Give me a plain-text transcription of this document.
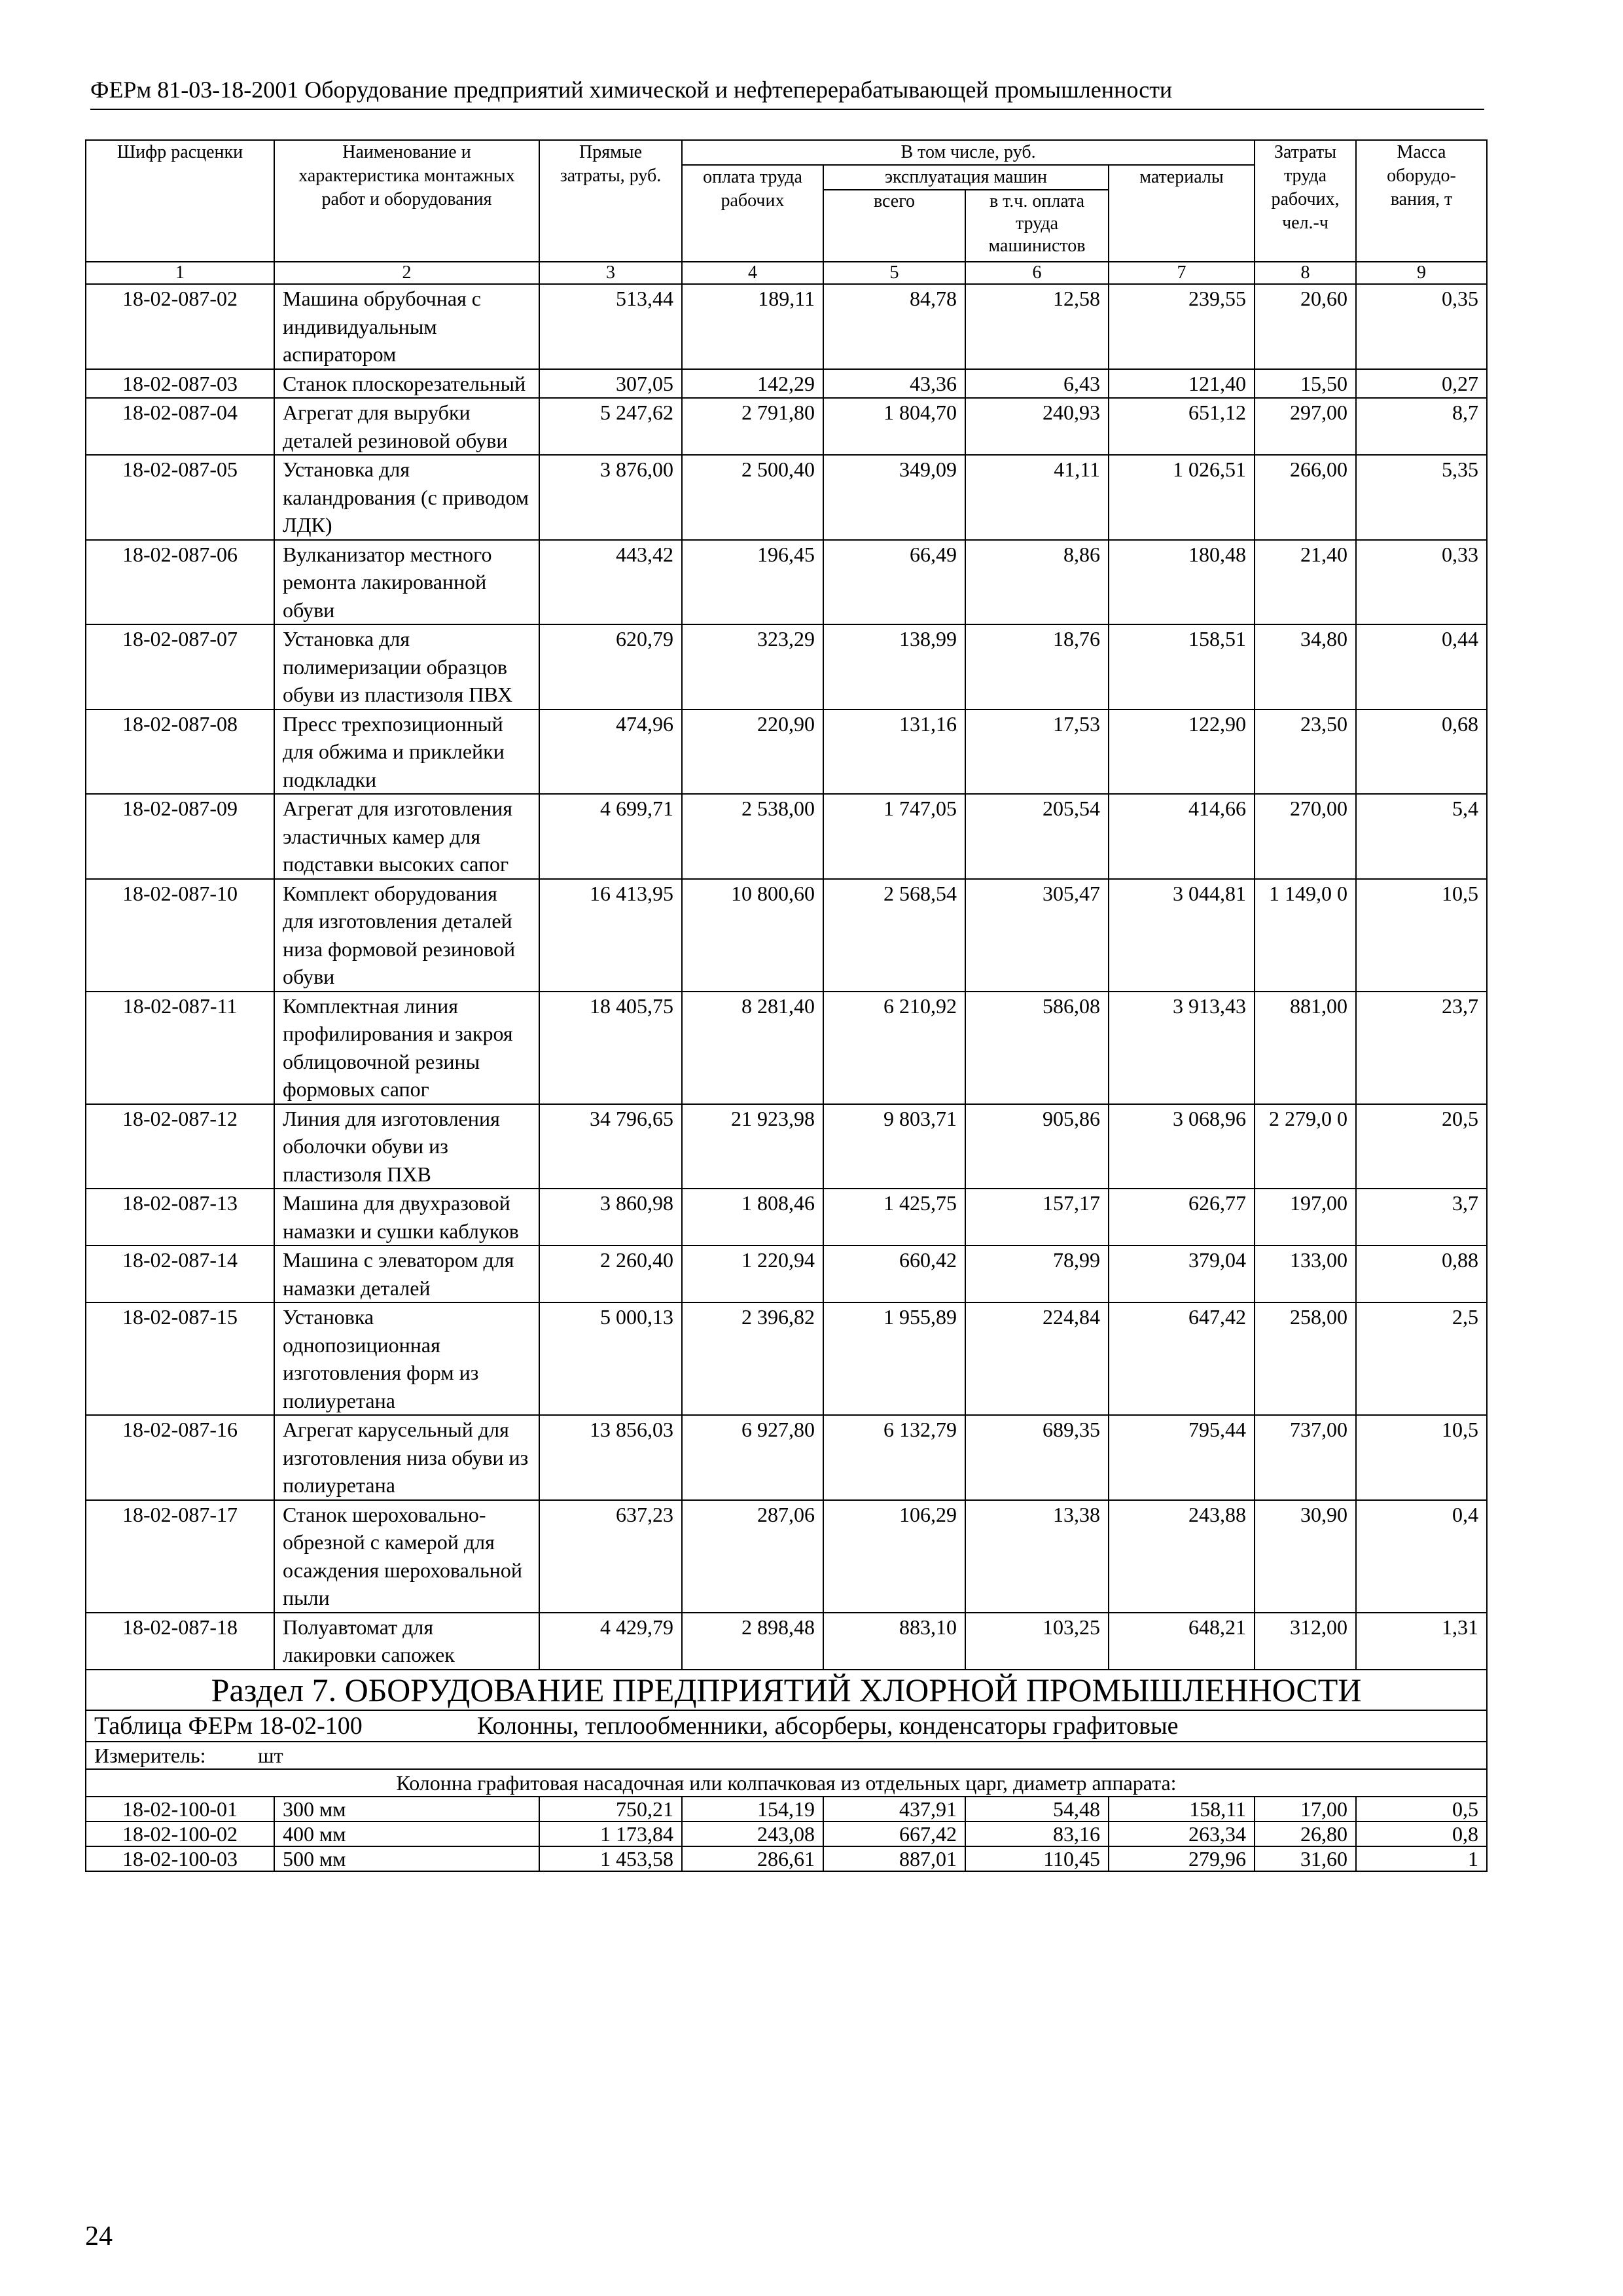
ФЕРм 81-03-18-2001 Оборудование предприятий химической и нефтеперерабатывающей промышленности
Шифр расценки	Наименование и характеристика монтажных работ и оборудования	Прямые затраты, руб.	В том числе, руб.				Затраты труда рабочих, чел.-ч	Масса оборудо-вания, т
			оплата труда рабочих	эксплуатация машин		материалы		
				всего	в т.ч. оплата труда машинистов			
1	2	3	4	5	6	7	8	9
18-02-087-02	Машина обрубочная с индивидуальным аспиратором	513,44	189,11	84,78	12,58	239,55	20,60	0,35
18-02-087-03	Станок плоскорезательный	307,05	142,29	43,36	6,43	121,40	15,50	0,27
18-02-087-04	Агрегат для вырубки деталей резиновой обуви	5 247,62	2 791,80	1 804,70	240,93	651,12	297,00	8,7
18-02-087-05	Установка для каландрования (с приводом ЛДК)	3 876,00	2 500,40	349,09	41,11	1 026,51	266,00	5,35
18-02-087-06	Вулканизатор местного ремонта лакированной обуви	443,42	196,45	66,49	8,86	180,48	21,40	0,33
18-02-087-07	Установка для полимеризации образцов обуви из пластизоля ПВХ	620,79	323,29	138,99	18,76	158,51	34,80	0,44
18-02-087-08	Пресс трехпозиционный для обжима и приклейки подкладки	474,96	220,90	131,16	17,53	122,90	23,50	0,68
18-02-087-09	Агрегат для изготовления эластичных камер для подставки высоких сапог	4 699,71	2 538,00	1 747,05	205,54	414,66	270,00	5,4
18-02-087-10	Комплект оборудования для изготовления деталей низа формовой резиновой обуви	16 413,95	10 800,60	2 568,54	305,47	3 044,81	1 149,0 0	10,5
18-02-087-11	Комплектная линия профилирования и закроя облицовочной резины формовых сапог	18 405,75	8 281,40	6 210,92	586,08	3 913,43	881,00	23,7
18-02-087-12	Линия для изготовления оболочки обуви из пластизоля ПХВ	34 796,65	21 923,98	9 803,71	905,86	3 068,96	2 279,0 0	20,5
18-02-087-13	Машина для двухразовой намазки и сушки каблуков	3 860,98	1 808,46	1 425,75	157,17	626,77	197,00	3,7
18-02-087-14	Машина с элеватором для намазки деталей	2 260,40	1 220,94	660,42	78,99	379,04	133,00	0,88
18-02-087-15	Установка однопозиционная изготовления форм из полиуретана	5 000,13	2 396,82	1 955,89	224,84	647,42	258,00	2,5
18-02-087-16	Агрегат карусельный для изготовления низа обуви из полиуретана	13 856,03	6 927,80	6 132,79	689,35	795,44	737,00	10,5
18-02-087-17	Станок шероховально-обрезной с камерой для осаждения шероховальной пыли	637,23	287,06	106,29	13,38	243,88	30,90	0,4
18-02-087-18	Полуавтомат для лакировки сапожек	4 429,79	2 898,48	883,10	103,25	648,21	312,00	1,31
Раздел 7. ОБОРУДОВАНИЕ ПРЕДПРИЯТИЙ ХЛОРНОЙ ПРОМЫШЛЕННОСТИ								
Таблица ФЕРм 18-02-100 Колонны, теплообменники, абсорберы, конденсаторы графитовые								
Измеритель: шт								
Колонна графитовая насадочная или колпачковая из отдельных царг, диаметр аппарата:								
18-02-100-01	300 мм	750,21	154,19	437,91	54,48	158,11	17,00	0,5
18-02-100-02	400 мм	1 173,84	243,08	667,42	83,16	263,34	26,80	0,8
18-02-100-03	500 мм	1 453,58	286,61	887,01	110,45	279,96	31,60	1
24
